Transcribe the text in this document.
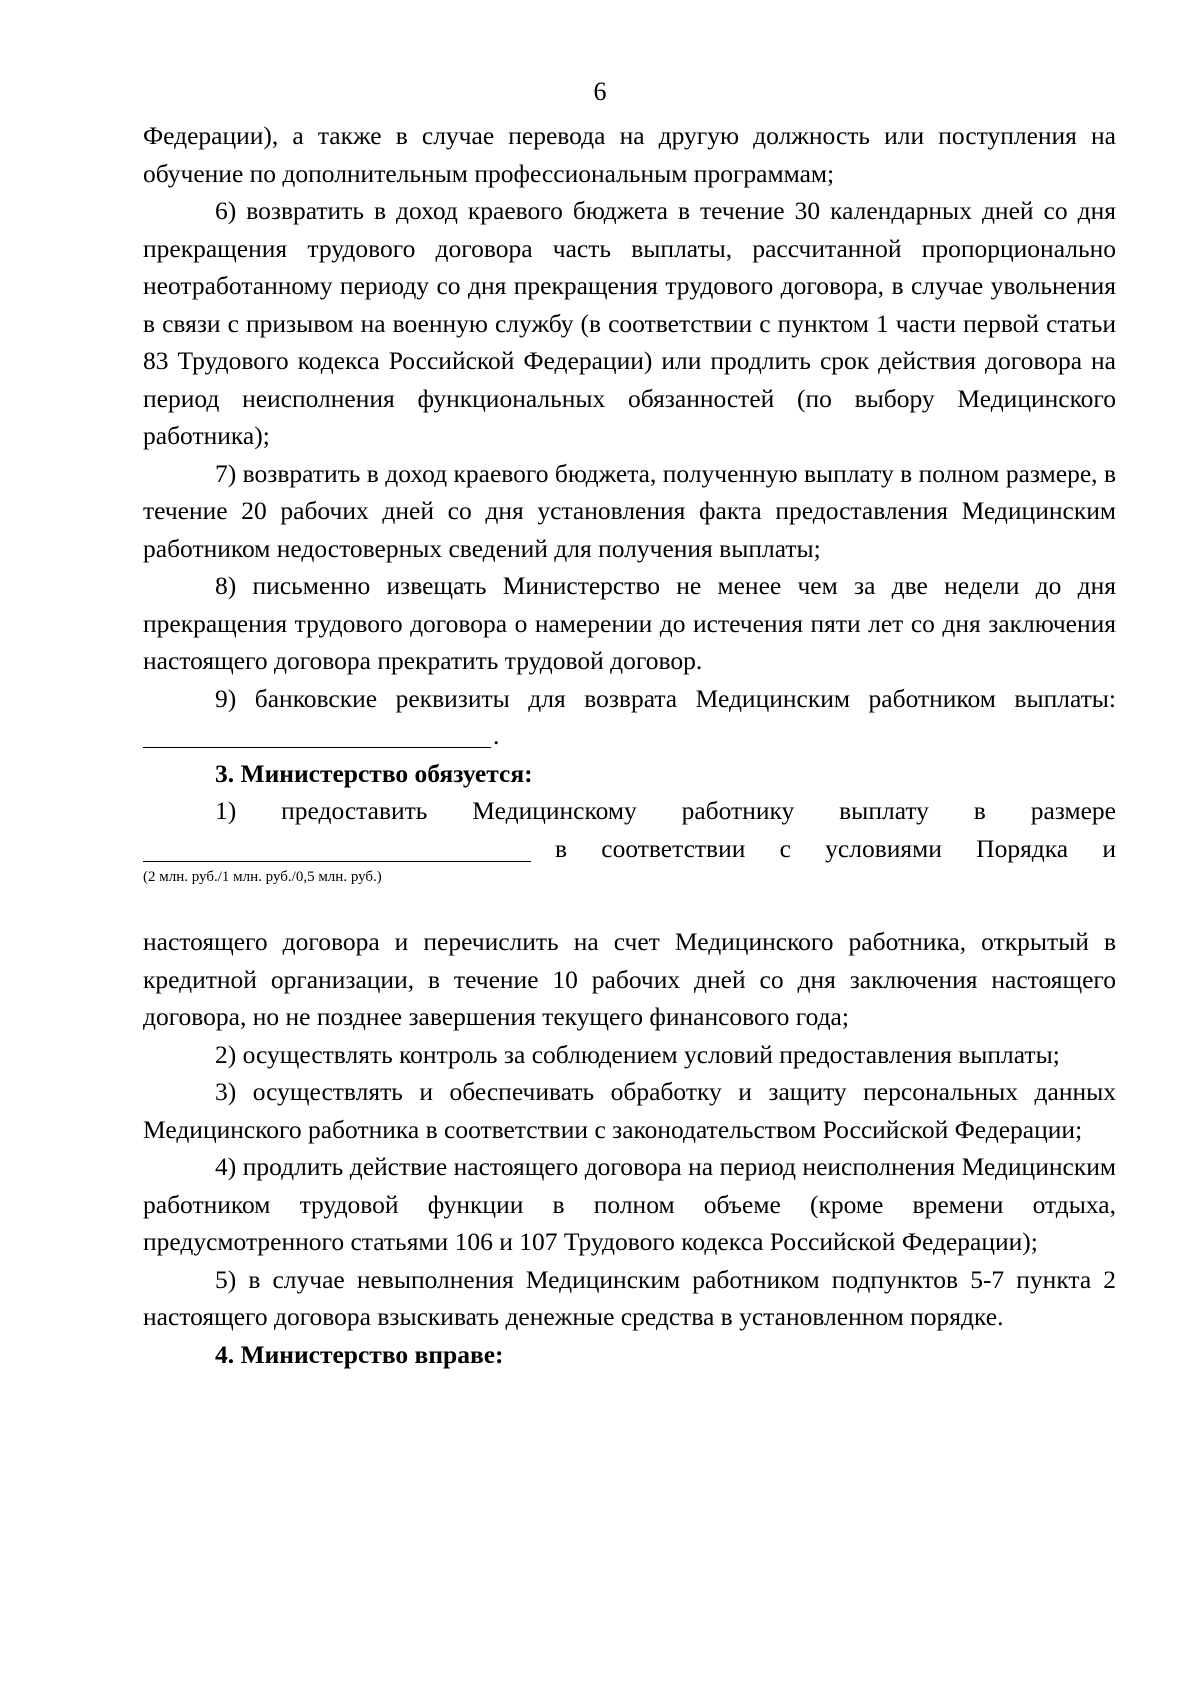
6

Федерации), а также в случае перевода на другую должность или поступления на обучение по дополнительным профессиональным программам;

6) возвратить в доход краевого бюджета в течение 30 календарных дней со дня прекращения трудового договора часть выплаты, рассчитанной пропорционально неотработанному периоду со дня прекращения трудового договора, в случае увольнения в связи с призывом на военную службу (в соответствии с пунктом 1 части первой статьи 83 Трудового кодекса Российской Федерации) или продлить срок действия договора на период неисполнения функциональных обязанностей (по выбору Медицинского работника);

7) возвратить в доход краевого бюджета, полученную выплату в полном размере, в течение 20 рабочих дней со дня установления факта предоставления Медицинским работником недостоверных сведений для получения выплаты;

8) письменно извещать Министерство не менее чем за две недели до дня прекращения трудового договора о намерении до истечения пяти лет со дня заключения настоящего договора прекратить трудовой договор.

9) банковские реквизиты для возврата Медицинским работником выплаты:

.

3. Министерство обязуется:

1) предоставить Медицинскому работнику выплату в размере

в соответствии с условиями Порядка и

(2 млн. руб./1 млн. руб./0,5 млн. руб.)

настоящего договора и перечислить на счет Медицинского работника, открытый в кредитной организации, в течение 10 рабочих дней со дня заключения настоящего договора, но не позднее завершения текущего финансового года;

2) осуществлять контроль за соблюдением условий предоставления выплаты;

3) осуществлять и обеспечивать обработку и защиту персональных данных Медицинского работника в соответствии с законодательством Российской Федерации;

4) продлить действие настоящего договора на период неисполнения Медицинским работником трудовой функции в полном объеме (кроме времени отдыха, предусмотренного статьями 106 и 107 Трудового кодекса Российской Федерации);

5) в случае невыполнения Медицинским работником подпунктов 5-7 пункта 2 настоящего договора взыскивать денежные средства в установленном порядке.

4. Министерство вправе:
